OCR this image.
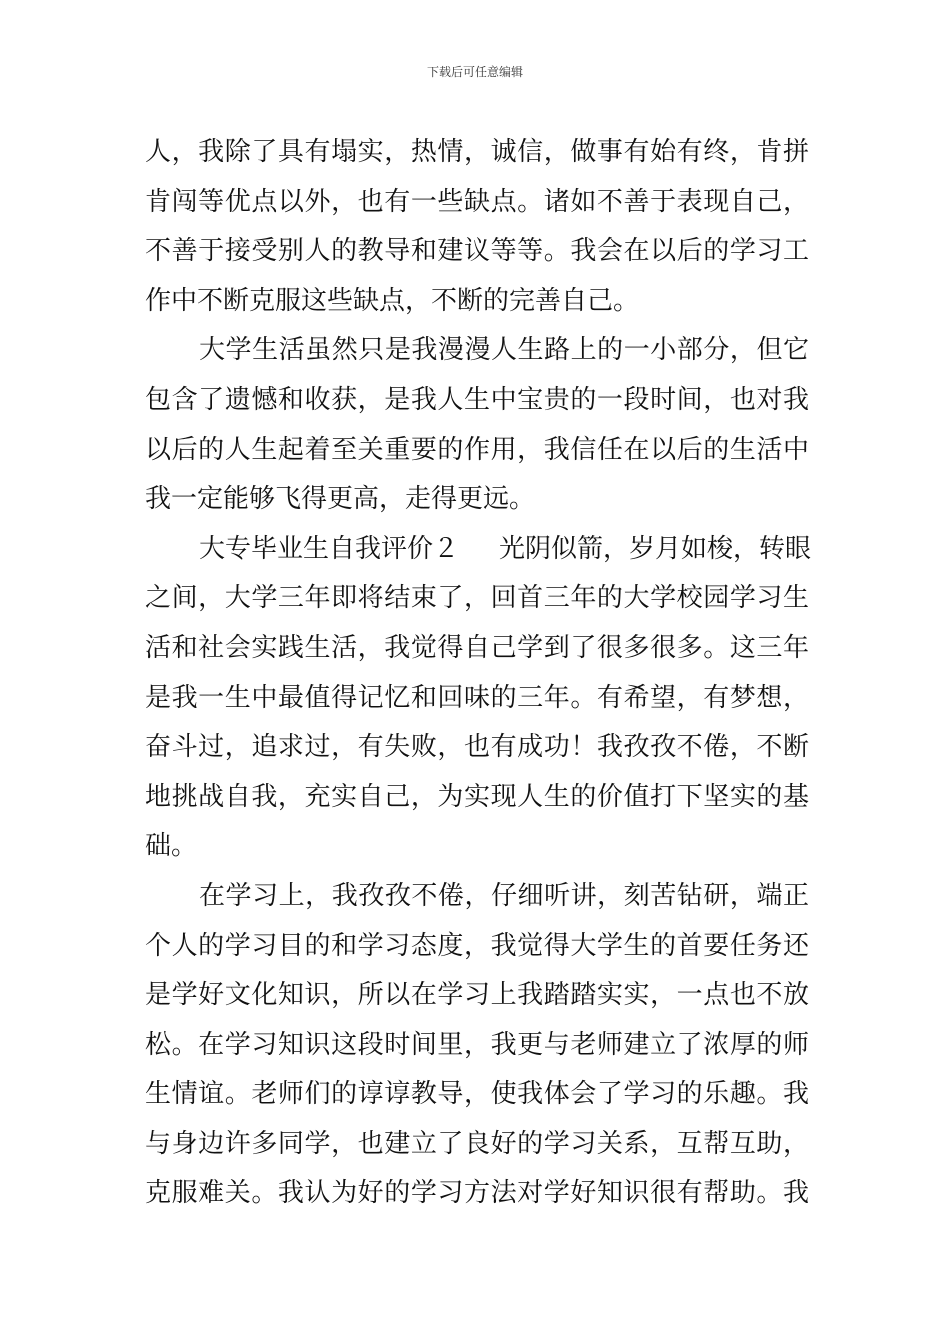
下载后可任意编辑
人，我除了具有塌实，热情，诚信，做事有始有终，肯拼
肯闯等优点以外，也有一些缺点。诸如不善于表现自己，
不善于接受别人的教导和建议等等。我会在以后的学习工
作中不断克服这些缺点，不断的完善自己。
大学生活虽然只是我漫漫人生路上的一小部分，但它
包含了遗憾和收获，是我人生中宝贵的一段时间，也对我
以后的人生起着至关重要的作用，我信任在以后的生活中
我一定能够飞得更高，走得更远。
大专毕业生自我评价２ 光阴似箭，岁月如梭，转眼
之间，大学三年即将结束了，回首三年的大学校园学习生
活和社会实践生活，我觉得自己学到了很多很多。这三年
是我一生中最值得记忆和回味的三年。有希望，有梦想，
奋斗过，追求过，有失败，也有成功！我孜孜不倦，不断
地挑战自我，充实自己，为实现人生的价值打下坚实的基
础。
在学习上，我孜孜不倦，仔细听讲，刻苦钻研，端正
个人的学习目的和学习态度，我觉得大学生的首要任务还
是学好文化知识，所以在学习上我踏踏实实，一点也不放
松。在学习知识这段时间里，我更与老师建立了浓厚的师
生情谊。老师们的谆谆教导，使我体会了学习的乐趣。我
与身边许多同学，也建立了良好的学习关系，互帮互助，
克服难关。我认为好的学习方法对学好知识很有帮助。我
